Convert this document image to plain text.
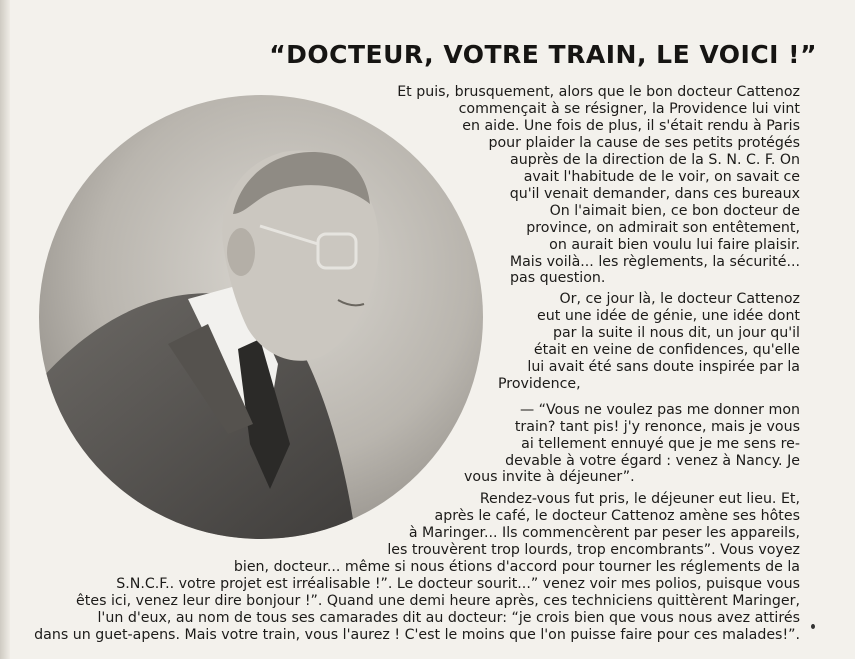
“DOCTEUR, VOTRE TRAIN, LE VOICI !”
Et puis, brusquement, alors que le bon docteur Cattenoz
commençait à se résigner, la Providence lui vint
en aide. Une fois de plus, il s'était rendu à Paris
pour plaider la cause de ses petits protégés
auprès de la direction de la S. N. C. F. On
avait l'habitude de le voir, on savait ce
qu'il venait demander, dans ces bureaux
On l'aimait bien, ce bon docteur de
province, on admirait son entêtement,
on aurait bien voulu lui faire plaisir.
Mais voilà... les règlements, la sécurité...
pas question.
Or, ce jour là, le docteur Cattenoz
eut une idée de génie, une idée dont
par la suite il nous dit, un jour qu'il
était en veine de confidences, qu'elle
lui avait été sans doute inspirée par la
Providence,
— “Vous ne voulez pas me donner mon
train? tant pis! j'y renonce, mais je vous
ai tellement ennuyé que je me sens re-
devable à votre égard : venez à Nancy. Je
vous invite à déjeuner”.
Rendez-vous fut pris, le déjeuner eut lieu. Et,
après le café, le docteur Cattenoz amène ses hôtes
à Maringer... Ils commencèrent par peser les appareils,
les trouvèrent trop lourds, trop encombrants”. Vous voyez
bien, docteur... même si nous étions d'accord pour tourner les réglements de la
S.N.C.F.. votre projet est irréalisable !”. Le docteur sourit...” venez voir mes polios, puisque vous
êtes ici, venez leur dire bonjour !”. Quand une demi heure après, ces techniciens quittèrent Maringer,
l'un d'eux, au nom de tous ses camarades dit au docteur: “je crois bien que vous nous avez attirés
dans un guet-apens. Mais votre train, vous l'aurez ! C'est le moins que l'on puisse faire pour ces malades!”.
